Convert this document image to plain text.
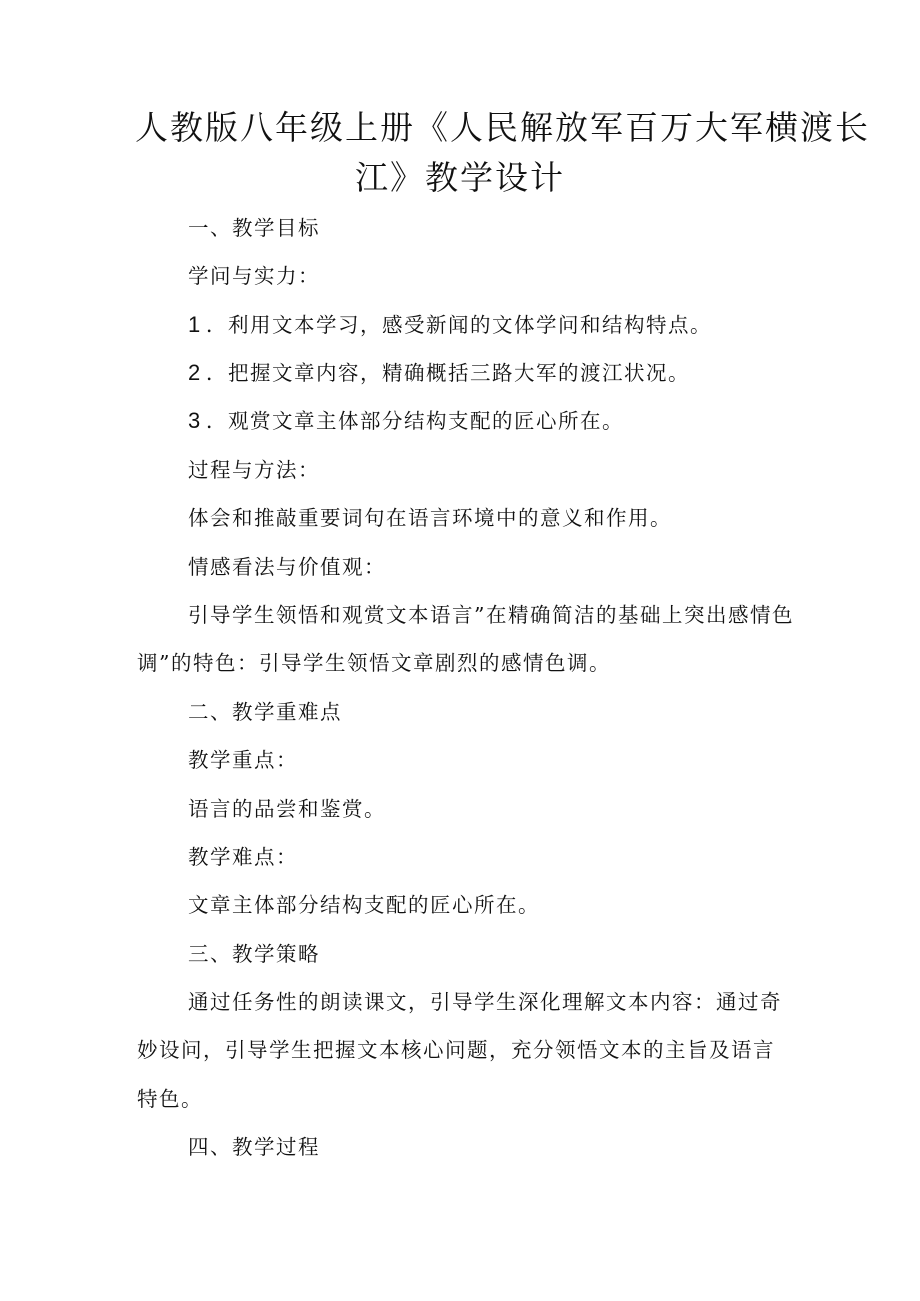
人教版八年级上册《人民解放军百万大军横渡长
江》教学设计

一、教学目标

学问与实力：

1 ．利用文本学习，感受新闻的文体学问和结构特点。

2 ．把握文章内容，精确概括三路大军的渡江状况。

3 ．观赏文章主体部分结构支配的匠心所在。

过程与方法：

体会和推敲重要词句在语言环境中的意义和作用。

情感看法与价值观：

引导学生领悟和观赏文本语言”在精确简洁的基础上突出感情色

调”的特色：引导学生领悟文章剧烈的感情色调。

二、教学重难点

教学重点：

语言的品尝和鉴赏。

教学难点：

文章主体部分结构支配的匠心所在。

三、教学策略

通过任务性的朗读课文，引导学生深化理解文本内容：通过奇

妙设问，引导学生把握文本核心问题，充分领悟文本的主旨及语言

特色。

四、教学过程
